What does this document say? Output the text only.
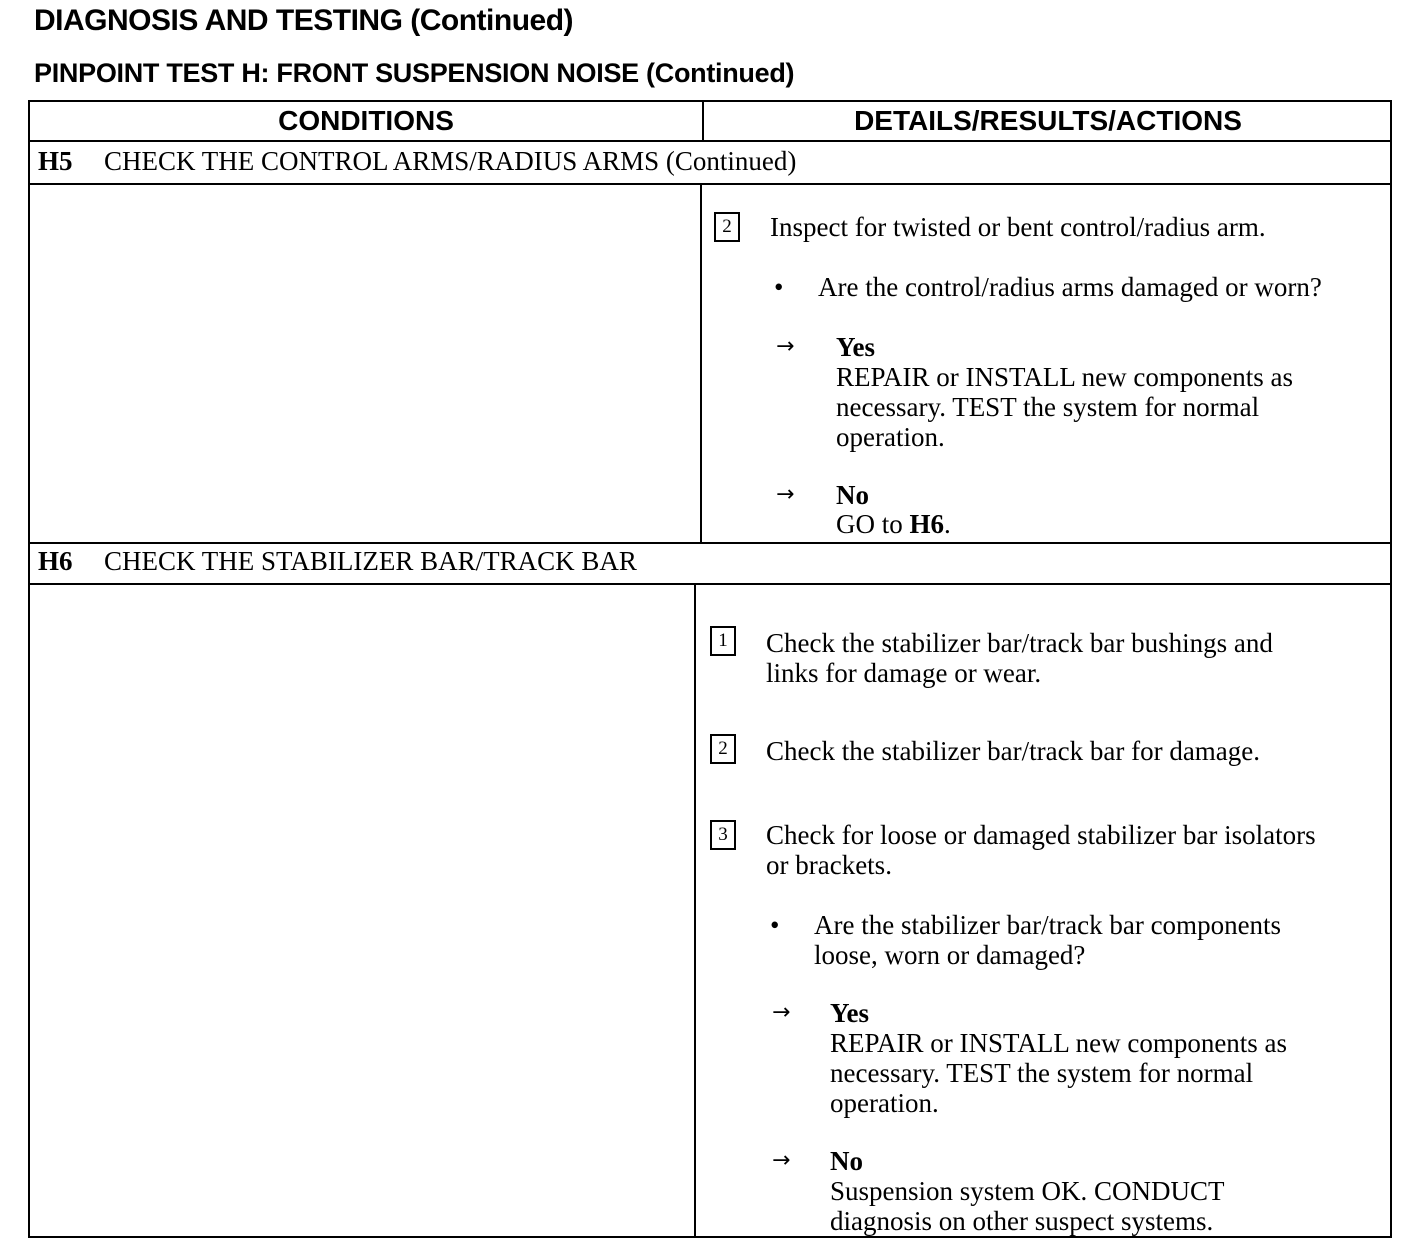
DIAGNOSIS AND TESTING (Continued)
PINPOINT TEST H: FRONT SUSPENSION NOISE (Continued)
CONDITIONS	DETAILS/RESULTS/ACTIONS
H5 CHECK THE CONTROL ARMS/RADIUS ARMS (Continued)
2	Inspect for twisted or bent control/radius arm.
• Are the control/radius arms damaged or worn?
→ Yes
REPAIR or INSTALL new components as
necessary. TEST the system for normal
operation.
→ No
GO to H6.
H6 CHECK THE STABILIZER BAR/TRACK BAR
1	Check the stabilizer bar/track bar bushings and
links for damage or wear.
2	Check the stabilizer bar/track bar for damage.
3	Check for loose or damaged stabilizer bar isolators
or brackets.
• Are the stabilizer bar/track bar components
loose, worn or damaged?
→ Yes
REPAIR or INSTALL new components as
necessary. TEST the system for normal
operation.
→ No
Suspension system OK. CONDUCT
diagnosis on other suspect systems.
